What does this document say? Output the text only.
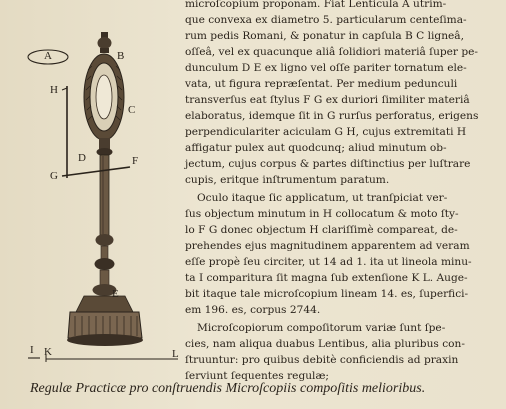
A	B
C
D
E
F
G
H
I K	L
microſcopium proponam. Fiat Lenticula A utrim-
que convexa ex diametro 5. particularum centeſima-
rum pedis Romani, & ponatur in capſula B C ligneâ,
oſſeâ, vel ex quacunque aliâ ſolidiori materiâ ſuper pe-
dunculum D E ex ligno vel oſſe pariter tornatum ele-
vata, ut figura repræſentat. Per medium pedunculi
transverſus eat ſtylus F G ex duriori ſimiliter materiâ
elaboratus, idemque ſit in G rurſus perforatus, erigens
perpendiculariter aciculam G H, cujus extremitati H
affigatur pulex aut quodcunq; aliud minutum ob-
jectum, cujus corpus & partes diſtinctius per luſtrare
cupis, eritque inſtrumentum paratum.
Oculo itaque ſic applicatum, ut tranſpiciat ver-
ſus objectum minutum in H collocatum & moto ſty-
lo F G donec objectum H clariſſimè compareat, de-
prehendes ejus magnitudinem apparentem ad veram
eſſe propè ſeu circiter, ut 14 ad 1. ita ut lineola minu-
ta I comparitura ſit magna ſub extenſione K L. Auge-
bit itaque tale microſcopium lineam 14. es, ſuperfici-
em 196. es, corpus 2744.
Microſcopiorum compoſitorum variæ ſunt ſpe-
cies, nam aliqua duabus Lentibus, alia pluribus con-
ſtruuntur: pro quibus debitè conficiendis ad praxin
ſerviunt ſequentes regulæ;
Regulæ Practicæ pro conſtruendis Microſcopiis compoſitis melioribus.
